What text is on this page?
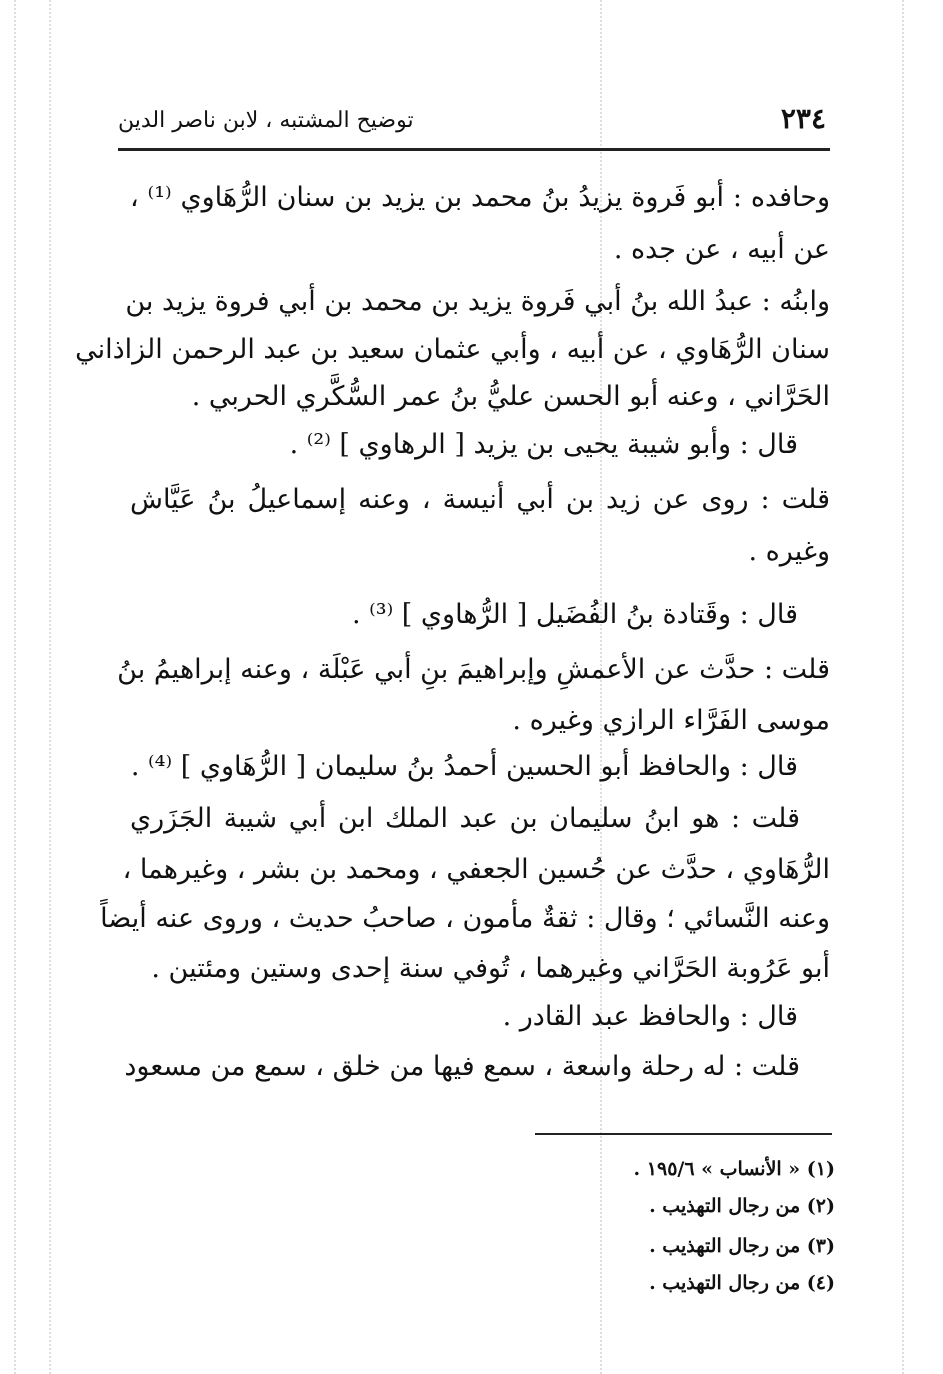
٢٣٤
توضيح المشتبه ، لابن ناصر الدين
وحافده : أبو فَروة يزيدُ بنُ محمد بن يزيد بن سنان الرُّهَاوي ⁽¹⁾ ،
عن أبيه ، عن جده .
وابنُه : عبدُ الله بنُ أبي فَروة يزيد بن محمد بن أبي فروة يزيد بن
سنان الرُّهَاوي ، عن أبيه ، وأبي عثمان سعيد بن عبد الرحمن الزاذاني
الحَرَّاني ، وعنه أبو الحسن عليُّ بنُ عمر السُّكَّري الحربي .
قال : وأبو شيبة يحيى بن يزيد [ الرهاوي ] ⁽²⁾ .
قلت : روى عن زيد بن أبي أنيسة ، وعنه إسماعيلُ بنُ عَيَّاش
وغيره .
قال : وقَتادة بنُ الفُضَيل [ الرُّهاوي ] ⁽³⁾ .
قلت : حدَّث عن الأعمشِ وإبراهيمَ بنِ أبي عَبْلَة ، وعنه إبراهيمُ بنُ
موسى الفَرَّاء الرازي وغيره .
قال : والحافظ أبو الحسين أحمدُ بنُ سليمان [ الرُّهَاوي ] ⁽⁴⁾ .
قلت : هو ابنُ سليمان بن عبد الملك ابن أبي شيبة الجَزَري
الرُّهَاوي ، حدَّث عن حُسين الجعفي ، ومحمد بن بشر ، وغيرهما ،
وعنه النَّسائي ؛ وقال : ثقةٌ مأمون ، صاحبُ حديث ، وروى عنه أيضاً
أبو عَرُوبة الحَرَّاني وغيرهما ، تُوفي سنة إحدى وستين ومئتين .
قال : والحافظ عبد القادر .
قلت : له رحلة واسعة ، سمع فيها من خلق ، سمع من مسعود
(١) « الأنساب » ١٩٥/٦ .
(٢) من رجال التهذيب .
(٣) من رجال التهذيب .
(٤) من رجال التهذيب .
